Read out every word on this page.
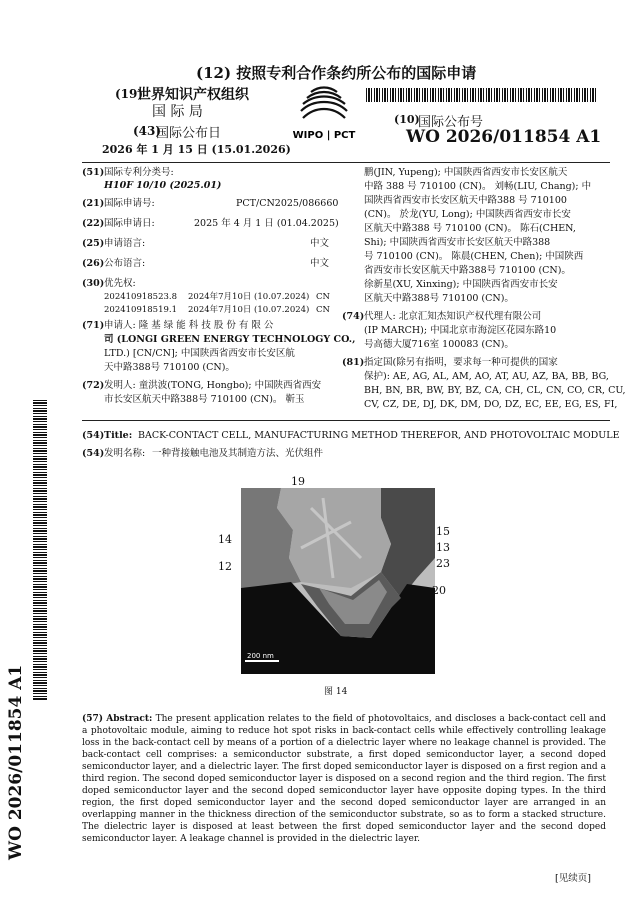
(12) 按照专利合作条约所公布的国际申请
(19)
世界知识产权组织
国 际 局
(43)
国际公布日
2026 年 1 月 15 日 (15.01.2026)
WIPO | PCT
(10)
国际公布号
WO 2026/011854 A1
(51) 国际专利分类号:
H10F 10/10 (2025.01)
(21) 国际申请号:	PCT/CN2025/086660
(22) 国际申请日:	2025 年 4 月 1 日 (01.04.2025)
(25) 申请语言:	中文
(26) 公布语言:	中文
(30) 优先权:
202410918523.8 2024年7月10日 (10.07.2024) CN
202410918519.1 2024年7月10日 (10.07.2024) CN
(71) 申请人: 隆 基 绿 能 科 技 股 份 有 限 公
司 (LONGI GREEN ENERGY TECHNOLOGY CO.,
LTD.) [CN/CN]; 中国陕西省西安市长安区航
天中路388号 710100 (CN)。
(72) 发明人: 童洪波(TONG, Hongbo); 中国陕西省西安
市长安区航天中路388号 710100 (CN)。 靳玉
鹏(JIN, Yupeng); 中国陕西省西安市长安区航天
中路 388 号 710100 (CN)。 刘畅(LIU, Chang); 中
国陕西省西安市长安区航天中路388 号 710100
(CN)。 於龙(YU, Long); 中国陕西省西安市长安
区航天中路388 号 710100 (CN)。 陈石(CHEN,
Shi); 中国陕西省西安市长安区航天中路388
号 710100 (CN)。 陈晨(CHEN, Chen); 中国陕西
省西安市长安区航天中路388号 710100 (CN)。
徐新星(XU, Xinxing); 中国陕西省西安市长安
区航天中路388号 710100 (CN)。
(74) 代理人: 北京汇知杰知识产权代理有限公司
(IP MARCH); 中国北京市海淀区花园东路10
号高德大厦716室 100083 (CN)。
(81) 指定国(除另有指明，要求每一种可提供的国家
保护): AE, AG, AL, AM, AO, AT, AU, AZ, BA, BB, BG,
BH, BN, BR, BW, BY, BZ, CA, CH, CL, CN, CO, CR, CU,
CV, CZ, DE, DJ, DK, DM, DO, DZ, EC, EE, EG, ES, FI,
(54) Title: BACK-CONTACT CELL, MANUFACTURING METHOD THEREFOR, AND PHOTOVOLTAIC MODULE
(54) 发明名称: 一种背接触电池及其制造方法、光伏组件
200 nm
19
14
12
15
13
23
20
图 14
(57) Abstract: The present application relates to the field of photovoltaics, and discloses a back-contact cell and a photovoltaic module, aiming to reduce hot spot risks in back-contact cells while effectively controlling leakage loss in the back-contact cell by means of a portion of a dielectric layer where no leakage channel is provided. The back-contact cell comprises: a semiconductor substrate, a first doped semiconductor layer, a second doped semiconductor layer, and a dielectric layer. The first doped semiconductor layer is disposed on a first region and a third region. The second doped semiconductor layer is disposed on a second region and the third region. The first doped semiconductor layer and the second doped semiconductor layer have opposite doping types. In the third region, the first doped semiconductor layer and the second doped semiconductor layer are arranged in an overlapping manner in the thickness direction of the semiconductor substrate, so as to form a stacked structure. The dielectric layer is disposed at least between the first doped semiconductor layer and the second doped semiconductor layer. A leakage channel is provided in the dielectric layer.
WO 2026/011854 A1
[见续页]
